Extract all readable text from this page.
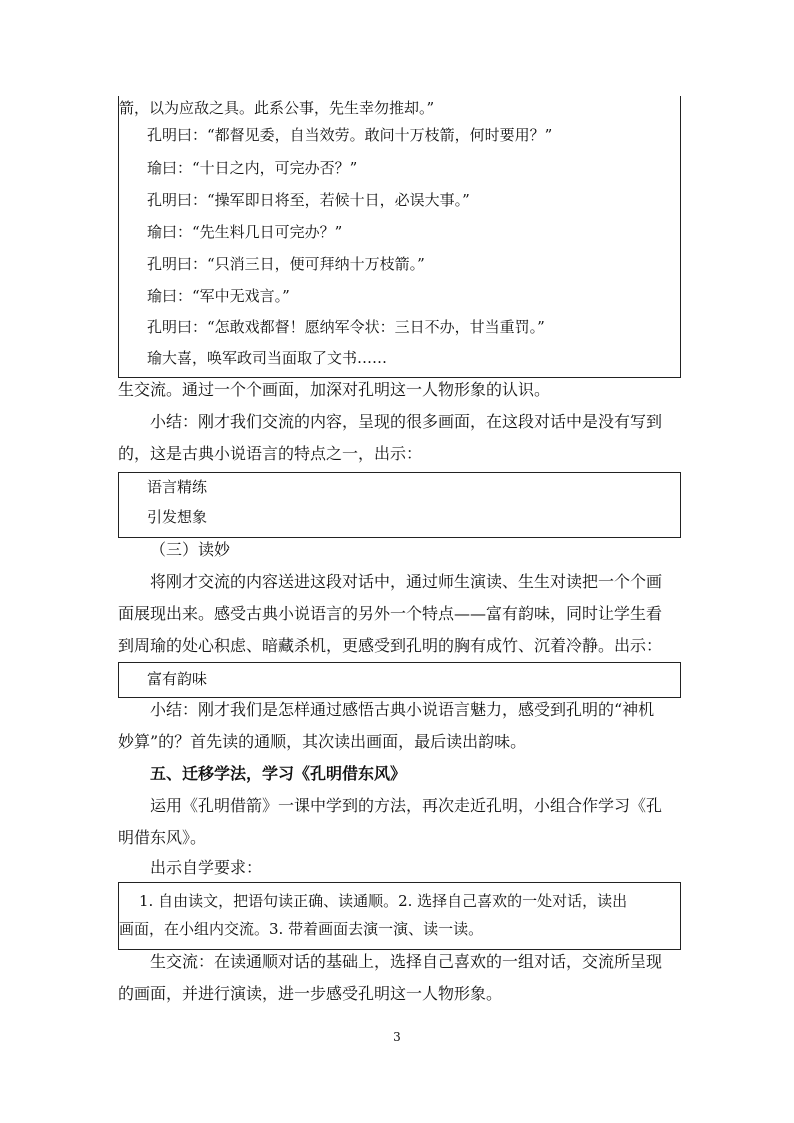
箭，以为应敌之具。此系公事，先生幸勿推却。”
孔明曰：“都督见委，自当效劳。敢问十万枝箭，何时要用？”
瑜曰：“十日之内，可完办否？”
孔明曰：“操军即日将至，若候十日，必误大事。”
瑜曰：“先生料几日可完办？”
孔明曰：“只消三日，便可拜纳十万枝箭。”
瑜曰：“军中无戏言。”
孔明曰：“怎敢戏都督！愿纳军令状：三日不办，甘当重罚。”
瑜大喜，唤军政司当面取了文书……
生交流。通过一个个画面，加深对孔明这一人物形象的认识。
小结：刚才我们交流的内容，呈现的很多画面，在这段对话中是没有写到
的，这是古典小说语言的特点之一，出示：
语言精练
引发想象
（三）读妙
将刚才交流的内容送进这段对话中，通过师生演读、生生对读把一个个画
面展现出来。感受古典小说语言的另外一个特点——富有韵味，同时让学生看
到周瑜的处心积虑、暗藏杀机，更感受到孔明的胸有成竹、沉着冷静。出示：
富有韵味
小结：刚才我们是怎样通过感悟古典小说语言魅力，感受到孔明的“神机
妙算”的？首先读的通顺，其次读出画面，最后读出韵味。
五、迁移学法，学习《孔明借东风》
运用《孔明借箭》一课中学到的方法，再次走近孔明，小组合作学习《孔
明借东风》。
出示自学要求：
1. 自由读文，把语句读正确、读通顺。2. 选择自己喜欢的一处对话，读出
画面，在小组内交流。3. 带着画面去演一演、读一读。
生交流：在读通顺对话的基础上，选择自己喜欢的一组对话，交流所呈现
的画面，并进行演读，进一步感受孔明这一人物形象。
3
